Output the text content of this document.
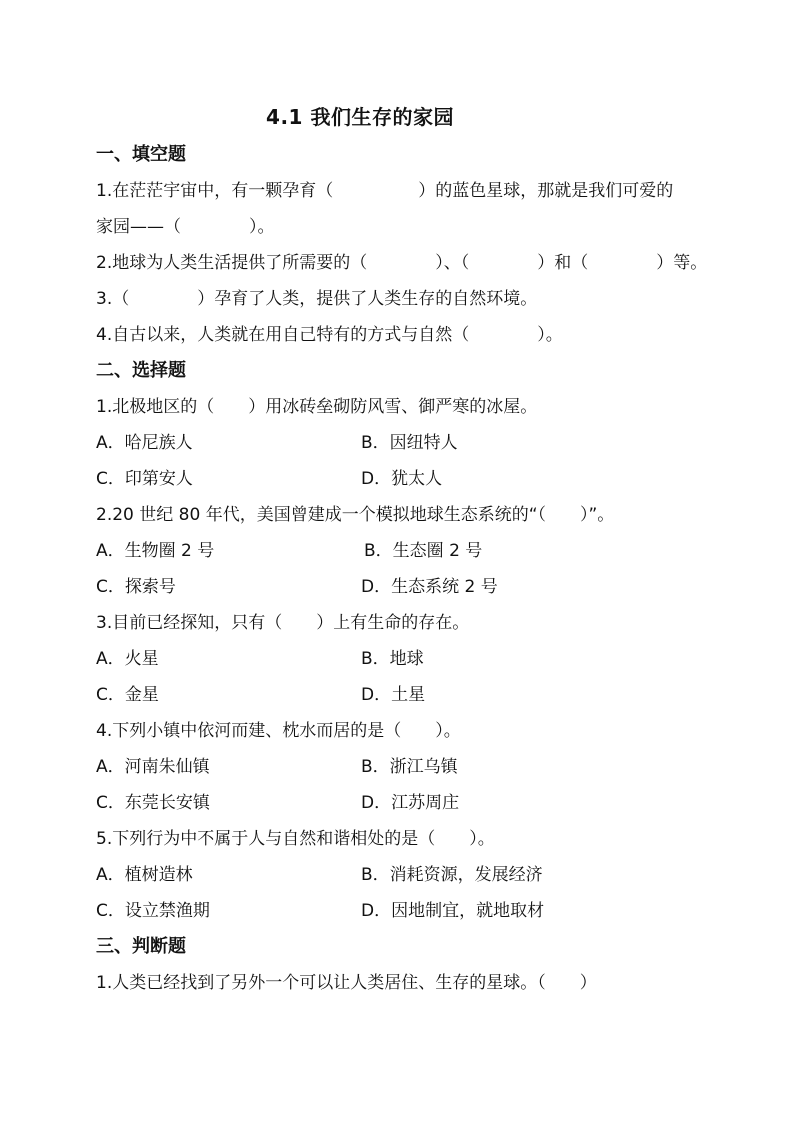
4.1 我们生存的家园
一、填空题
1.在茫茫宇宙中，有一颗孕育（　　　　　）的蓝色星球，那就是我们可爱的
家园——（　　　　）。
2.地球为人类生活提供了所需要的（　　　　）、（　　　　）和（　　　　）等。
3.（　　　　）孕育了人类，提供了人类生存的自然环境。
4.自古以来，人类就在用自己特有的方式与自然（　　　　）。
二、选择题
1.北极地区的（　　）用冰砖垒砌防风雪、御严寒的冰屋。
A．哈尼族人	B．因纽特人
C．印第安人	D．犹太人
2.20 世纪 80 年代，美国曾建成一个模拟地球生态系统的“（　　）”。
A．生物圈 2 号	B．生态圈 2 号
C．探索号	D．生态系统 2 号
3.目前已经探知，只有（　　）上有生命的存在。
A．火星	B．地球
C．金星	D．土星
4.下列小镇中依河而建、枕水而居的是（　　）。
A．河南朱仙镇	B．浙江乌镇
C．东莞长安镇	D．江苏周庄
5.下列行为中不属于人与自然和谐相处的是（　　）。
A．植树造林	B．消耗资源，发展经济
C．设立禁渔期	D．因地制宜，就地取材
三、判断题
1.人类已经找到了另外一个可以让人类居住、生存的星球。（　　）
